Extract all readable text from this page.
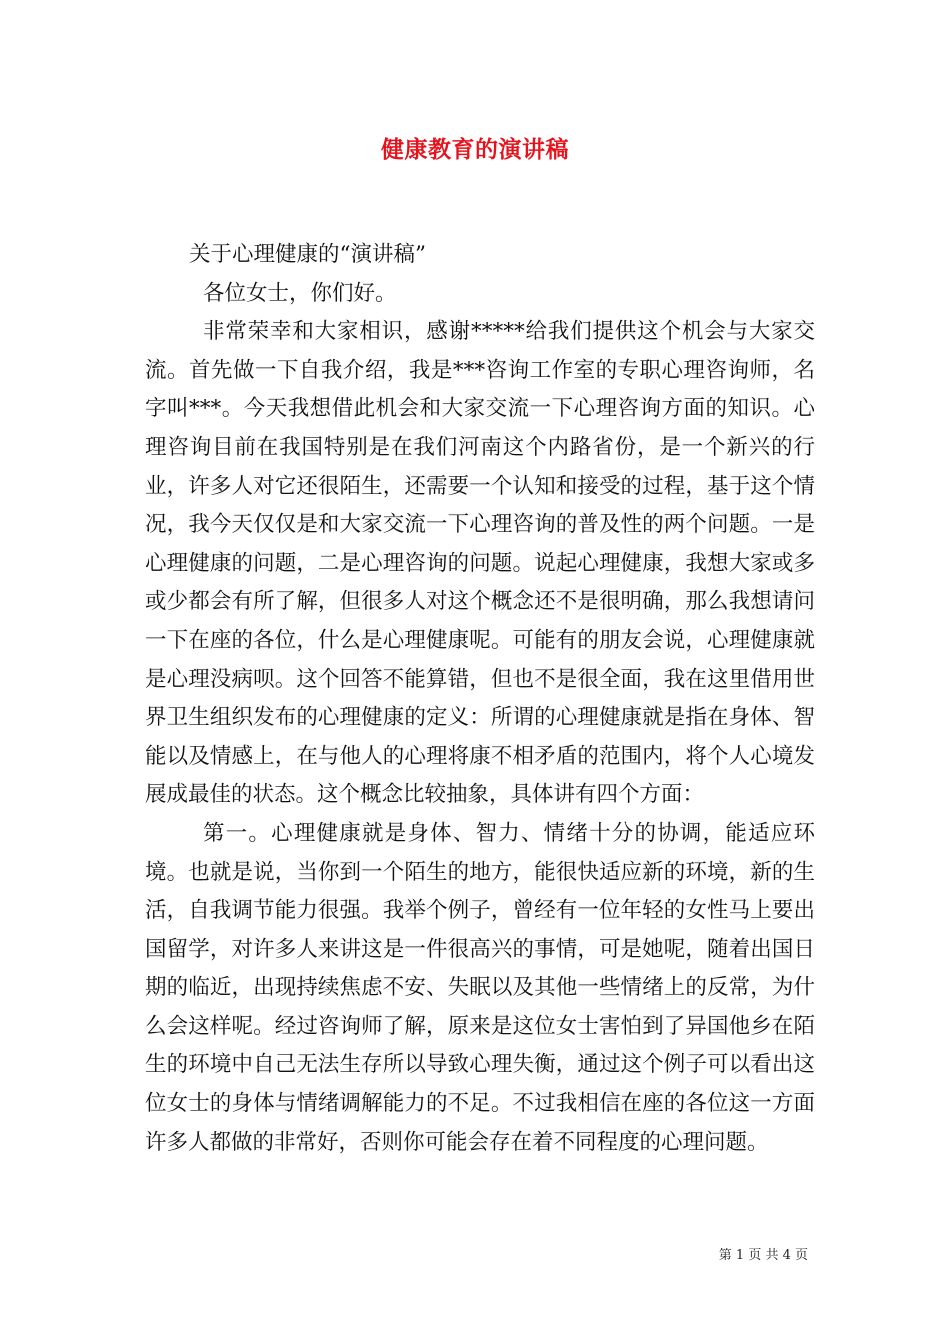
健康教育的演讲稿

关于心理健康的“演讲稿”

各位女士，你们好。

非常荣幸和大家相识，感谢*****给我们提供这个机会与大家交流。首先做一下自我介绍，我是***咨询工作室的专职心理咨询师，名字叫***。今天我想借此机会和大家交流一下心理咨询方面的知识。心理咨询目前在我国特别是在我们河南这个内路省份，是一个新兴的行业，许多人对它还很陌生，还需要一个认知和接受的过程，基于这个情况，我今天仅仅是和大家交流一下心理咨询的普及性的两个问题。一是心理健康的问题，二是心理咨询的问题。说起心理健康，我想大家或多或少都会有所了解，但很多人对这个概念还不是很明确，那么我想请问一下在座的各位，什么是心理健康呢。可能有的朋友会说，心理健康就是心理没病呗。这个回答不能算错，但也不是很全面，我在这里借用世界卫生组织发布的心理健康的定义：所谓的心理健康就是指在身体、智能以及情感上，在与他人的心理将康不相矛盾的范围内，将个人心境发展成最佳的状态。这个概念比较抽象，具体讲有四个方面：

第一。心理健康就是身体、智力、情绪十分的协调，能适应环境。也就是说，当你到一个陌生的地方，能很快适应新的环境，新的生活，自我调节能力很强。我举个例子，曾经有一位年轻的女性马上要出国留学，对许多人来讲这是一件很高兴的事情，可是她呢，随着出国日期的临近，出现持续焦虑不安、失眠以及其他一些情绪上的反常，为什么会这样呢。经过咨询师了解，原来是这位女士害怕到了异国他乡在陌生的环境中自己无法生存所以导致心理失衡，通过这个例子可以看出这位女士的身体与情绪调解能力的不足。不过我相信在座的各位这一方面许多人都做的非常好，否则你可能会存在着不同程度的心理问题。

第 1 页 共 4 页
